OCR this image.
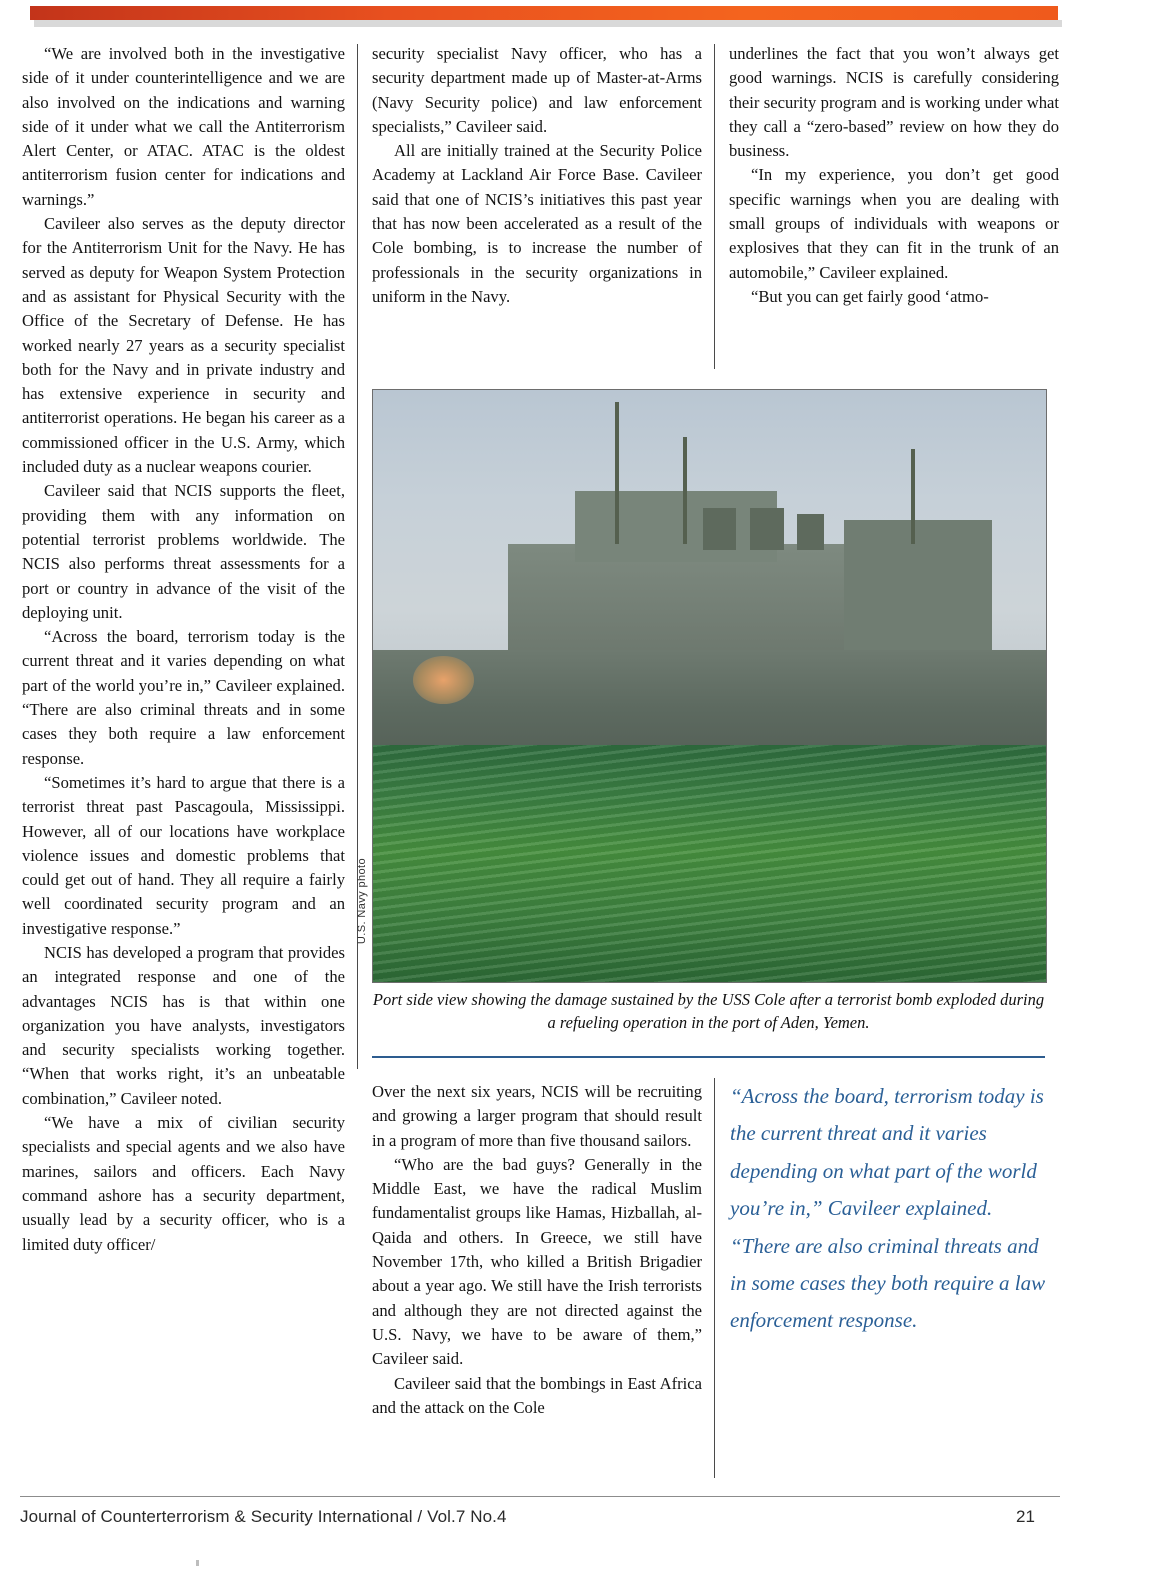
“We are involved both in the investigative side of it under counterintelligence and we are also involved on the indications and warning side of it under what we call the Antiterrorism Alert Center, or ATAC. ATAC is the oldest antiterrorism fusion center for indications and warnings.”

Cavileer also serves as the deputy director for the Antiterrorism Unit for the Navy. He has served as deputy for Weapon System Protection and as assistant for Physical Security with the Office of the Secretary of Defense. He has worked nearly 27 years as a security specialist both for the Navy and in private industry and has extensive experience in security and antiterrorist operations. He began his career as a commissioned officer in the U.S. Army, which included duty as a nuclear weapons courier.

Cavileer said that NCIS supports the fleet, providing them with any information on potential terrorist problems worldwide. The NCIS also performs threat assessments for a port or country in advance of the visit of the deploying unit.

“Across the board, terrorism today is the current threat and it varies depending on what part of the world you’re in,” Cavileer explained. “There are also criminal threats and in some cases they both require a law enforcement response.

“Sometimes it’s hard to argue that there is a terrorist threat past Pascagoula, Mississippi. However, all of our locations have workplace violence issues and domestic problems that could get out of hand. They all require a fairly well coordinated security program and an investigative response.”

NCIS has developed a program that provides an integrated response and one of the advantages NCIS has is that within one organization you have analysts, investigators and security specialists working together. “When that works right, it’s an unbeatable combination,” Cavileer noted.

“We have a mix of civilian security specialists and special agents and we also have marines, sailors and officers. Each Navy command ashore has a security department, usually lead by a security officer, who is a limited duty officer/

security specialist Navy officer, who has a security department made up of Master-at-Arms (Navy Security police) and law enforcement specialists,” Cavileer said.

All are initially trained at the Security Police Academy at Lackland Air Force Base. Cavileer said that one of NCIS’s initiatives this past year that has now been accelerated as a result of the Cole bombing, is to increase the number of professionals in the security organizations in uniform in the Navy.

underlines the fact that you won’t always get good warnings. NCIS is carefully considering their security program and is working under what they call a “zero-based” review on how they do business.

“In my experience, you don’t get good specific warnings when you are dealing with small groups of individuals with weapons or explosives that they can fit in the trunk of an automobile,” Cavileer explained.

“But you can get fairly good ‘atmo-

U.S. Navy photo
Port side view showing the damage sustained by the USS Cole after a terrorist bomb exploded during a refueling operation in the port of Aden, Yemen.

Over the next six years, NCIS will be recruiting and growing a larger program that should result in a program of more than five thousand sailors.

“Who are the bad guys? Generally in the Middle East, we have the radical Muslim fundamentalist groups like Hamas, Hizballah, al-Qaida and others. In Greece, we still have November 17th, who killed a British Brigadier about a year ago. We still have the Irish terrorists and although they are not directed against the U.S. Navy, we have to be aware of them,” Cavileer said.

Cavileer said that the bombings in East Africa and the attack on the Cole

“Across the board, terrorism today is the current threat and it varies depending on what part of the world you’re in,” Cavileer explained. “There are also criminal threats and in some cases they both require a law enforcement response.
Journal of Counterterrorism & Security International / Vol.7 No.4	21
